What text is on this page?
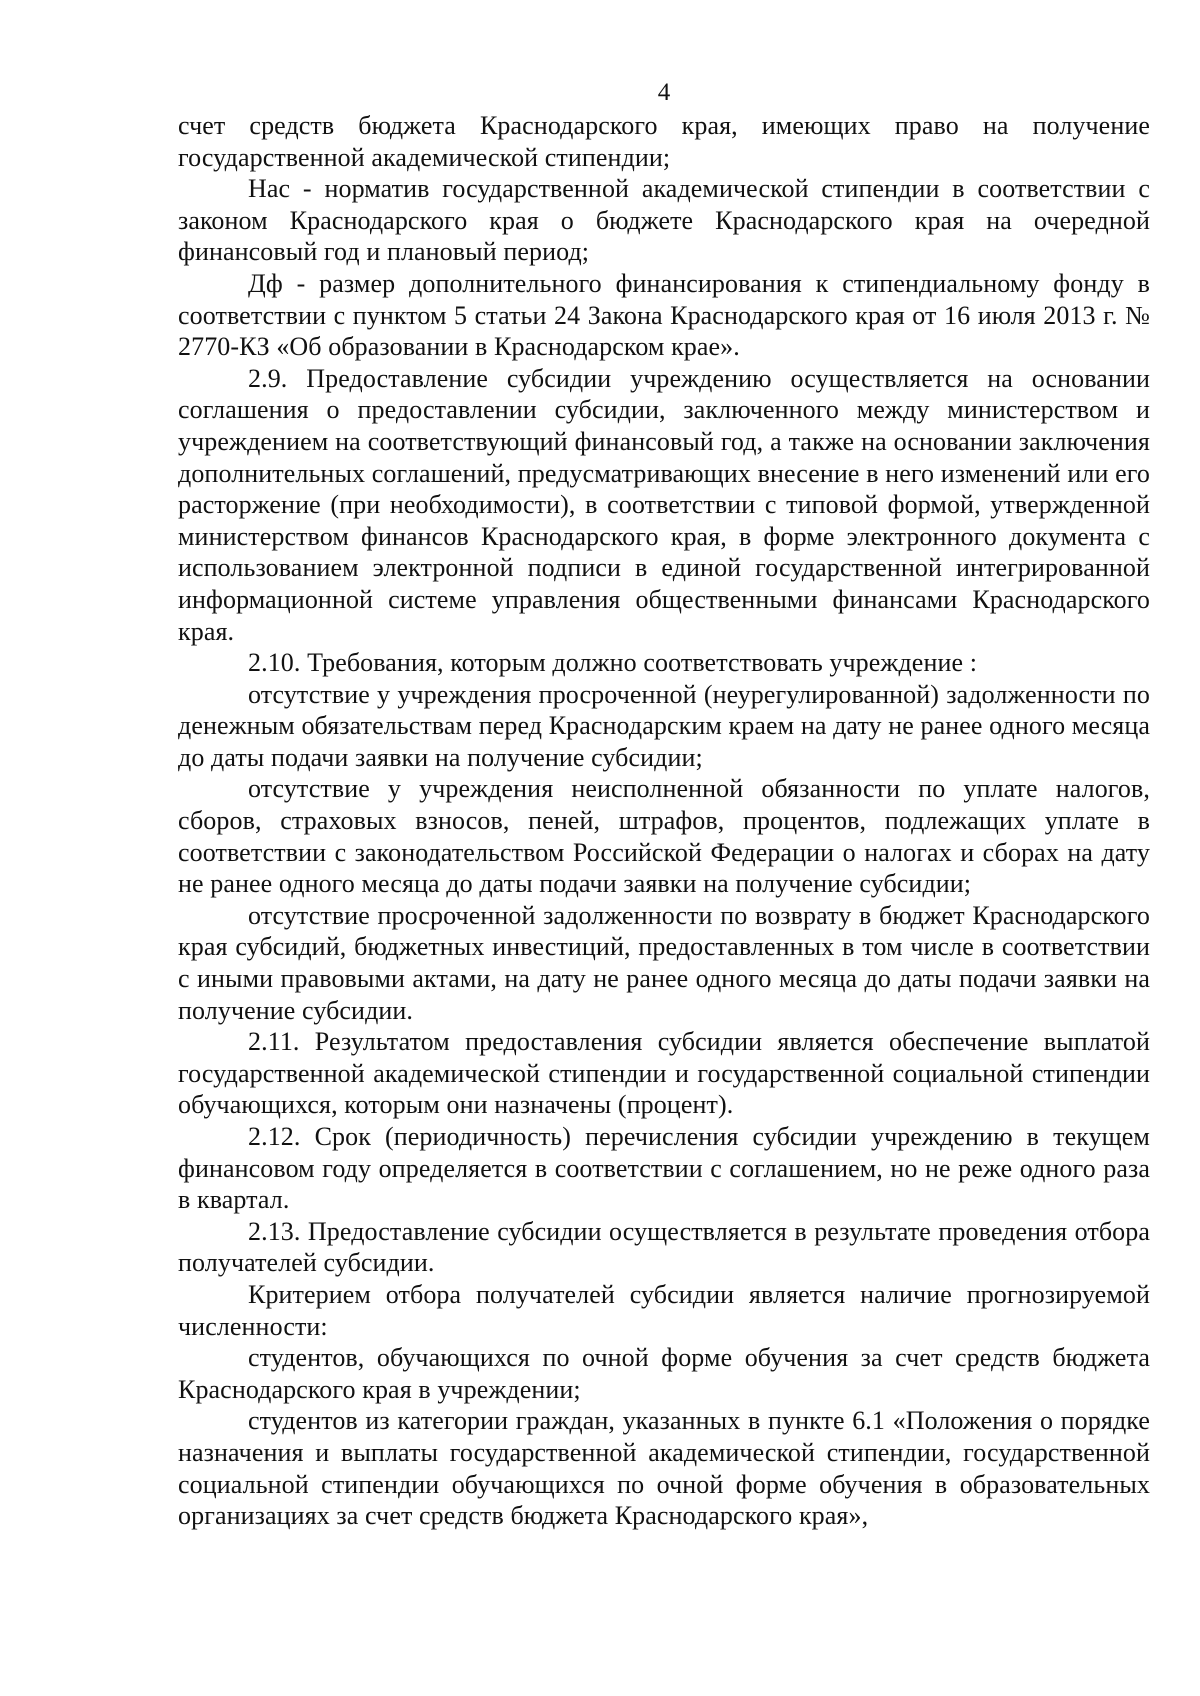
4

счет средств бюджета Краснодарского края, имеющих право на получение государственной академической стипендии;

Нас - норматив государственной академической стипендии в соответствии с законом Краснодарского края о бюджете Краснодарского края на очередной финансовый год и плановый период;

Дф - размер дополнительного финансирования к стипендиальному фонду в соответствии с пунктом 5 статьи 24 Закона Краснодарского края от 16 июля 2013 г. № 2770-КЗ «Об образовании в Краснодарском крае».

2.9. Предоставление субсидии учреждению осуществляется на основании соглашения о предоставлении субсидии, заключенного между министерством и учреждением на соответствующий финансовый год, а также на основании заключения дополнительных соглашений, предусматривающих внесение в него изменений или его расторжение (при необходимости), в соответствии с типовой формой, утвержденной министерством финансов Краснодарского края, в форме электронного документа с использованием электронной подписи в единой государственной интегрированной информационной системе управления общественными финансами Краснодарского края.

2.10. Требования, которым должно соответствовать учреждение :

отсутствие у учреждения просроченной (неурегулированной) задолженности по денежным обязательствам перед Краснодарским краем на дату не ранее одного месяца до даты подачи заявки на получение субсидии;

отсутствие у учреждения неисполненной обязанности по уплате налогов, сборов, страховых взносов, пеней, штрафов, процентов, подлежащих уплате в соответствии с законодательством Российской Федерации о налогах и сборах на дату не ранее одного месяца до даты подачи заявки на получение субсидии;

отсутствие просроченной задолженности по возврату в бюджет Краснодарского края субсидий, бюджетных инвестиций, предоставленных в том числе в соответствии с иными правовыми актами, на дату не ранее одного месяца до даты подачи заявки на получение субсидии.

2.11. Результатом предоставления субсидии является обеспечение выплатой государственной академической стипендии и государственной социальной стипендии обучающихся, которым они назначены (процент).

2.12. Срок (периодичность) перечисления субсидии учреждению в текущем финансовом году определяется в соответствии с соглашением, но не реже одного раза в квартал.

2.13. Предоставление субсидии осуществляется в результате проведения отбора получателей субсидии.

Критерием отбора получателей субсидии является наличие прогнозируемой численности:

студентов, обучающихся по очной форме обучения за счет средств бюджета Краснодарского края в учреждении;

студентов из категории граждан, указанных в пункте 6.1 «Положения о порядке назначения и выплаты государственной академической стипендии, государственной социальной стипендии обучающихся по очной форме обучения в образовательных организациях за счет средств бюджета Краснодарского края»,
